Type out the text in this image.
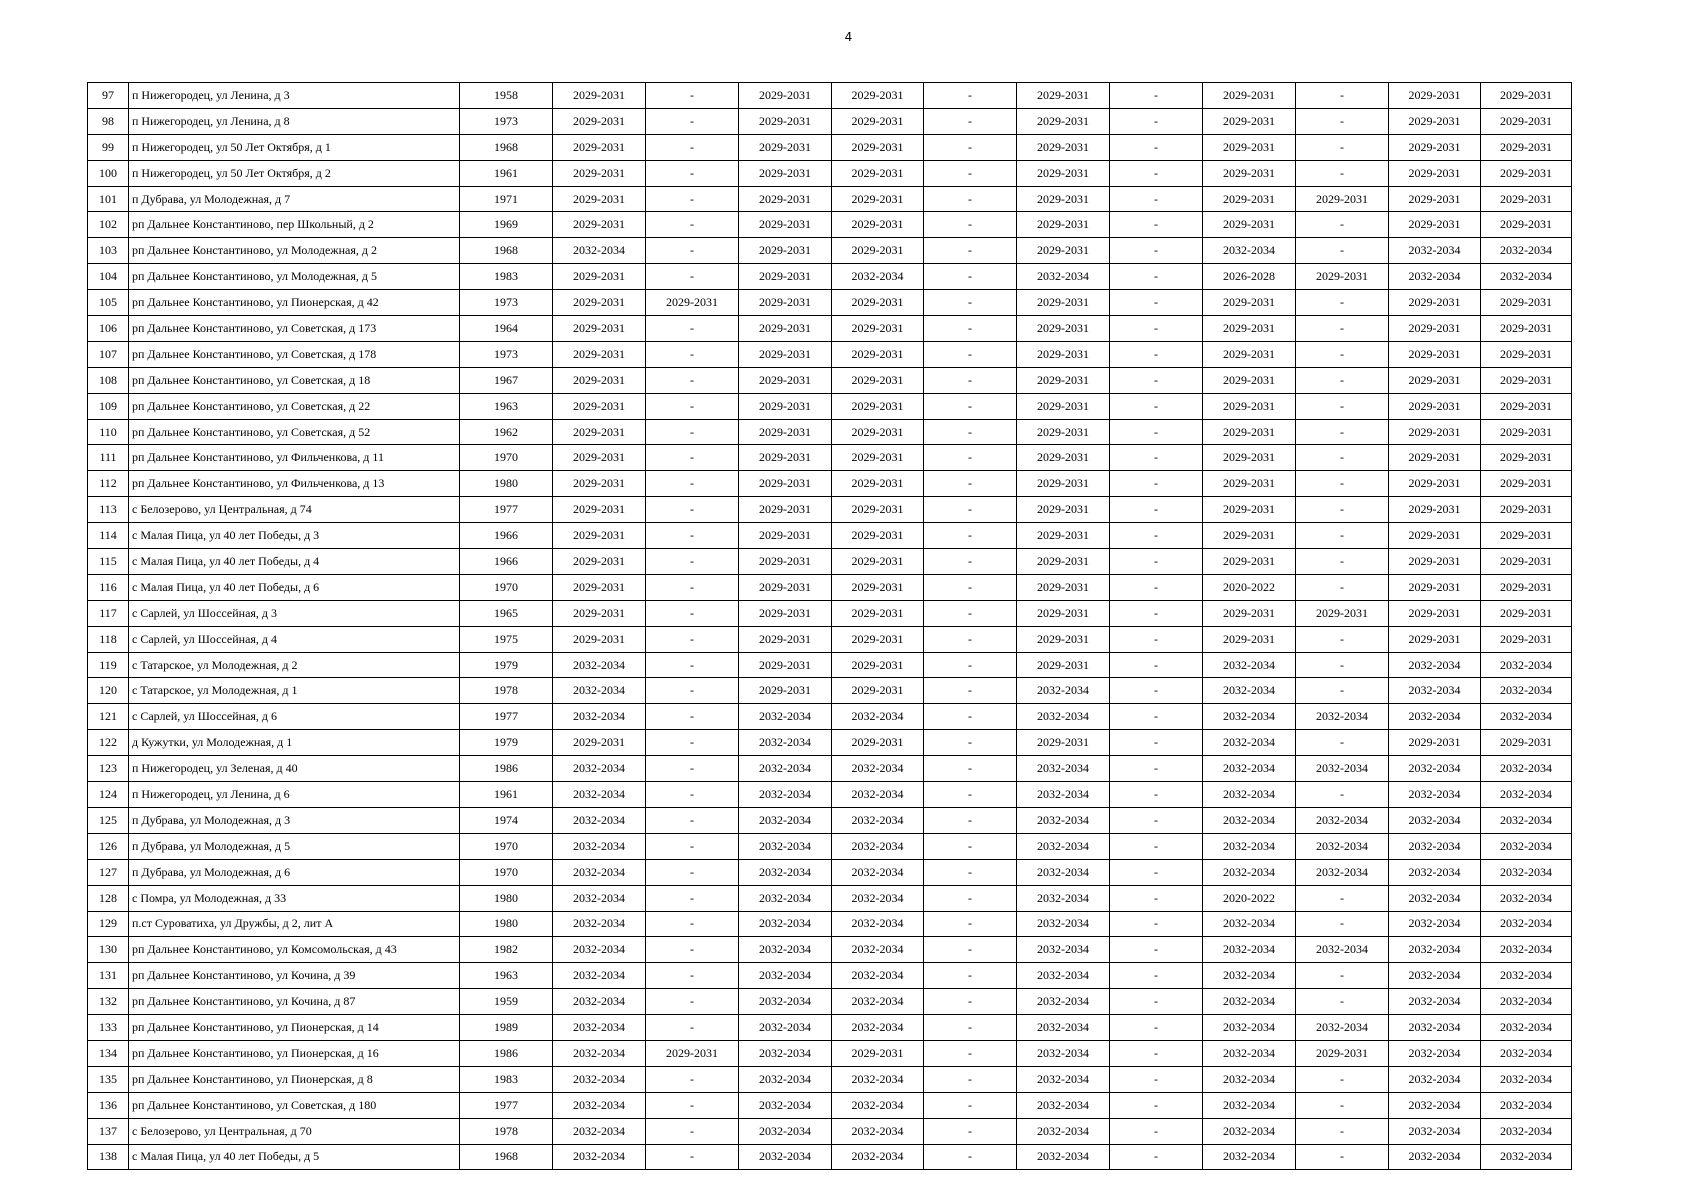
4
97	п Нижегородец, ул Ленина, д 3	1958	2029-2031	-	2029-2031	2029-2031	-	2029-2031	-	2029-2031	-	2029-2031	2029-2031
98	п Нижегородец, ул Ленина, д 8	1973	2029-2031	-	2029-2031	2029-2031	-	2029-2031	-	2029-2031	-	2029-2031	2029-2031
99	п Нижегородец, ул 50 Лет Октября, д 1	1968	2029-2031	-	2029-2031	2029-2031	-	2029-2031	-	2029-2031	-	2029-2031	2029-2031
100	п Нижегородец, ул 50 Лет Октября, д 2	1961	2029-2031	-	2029-2031	2029-2031	-	2029-2031	-	2029-2031	-	2029-2031	2029-2031
101	п Дубрава, ул Молодежная, д 7	1971	2029-2031	-	2029-2031	2029-2031	-	2029-2031	-	2029-2031	2029-2031	2029-2031	2029-2031
102	рп Дальнее Константиново, пер Школьный, д 2	1969	2029-2031	-	2029-2031	2029-2031	-	2029-2031	-	2029-2031	-	2029-2031	2029-2031
103	рп Дальнее Константиново, ул Молодежная, д 2	1968	2032-2034	-	2029-2031	2029-2031	-	2029-2031	-	2032-2034	-	2032-2034	2032-2034
104	рп Дальнее Константиново, ул Молодежная, д 5	1983	2029-2031	-	2029-2031	2032-2034	-	2032-2034	-	2026-2028	2029-2031	2032-2034	2032-2034
105	рп Дальнее Константиново, ул Пионерская, д 42	1973	2029-2031	2029-2031	2029-2031	2029-2031	-	2029-2031	-	2029-2031	-	2029-2031	2029-2031
106	рп Дальнее Константиново, ул Советская, д 173	1964	2029-2031	-	2029-2031	2029-2031	-	2029-2031	-	2029-2031	-	2029-2031	2029-2031
107	рп Дальнее Константиново, ул Советская, д 178	1973	2029-2031	-	2029-2031	2029-2031	-	2029-2031	-	2029-2031	-	2029-2031	2029-2031
108	рп Дальнее Константиново, ул Советская, д 18	1967	2029-2031	-	2029-2031	2029-2031	-	2029-2031	-	2029-2031	-	2029-2031	2029-2031
109	рп Дальнее Константиново, ул Советская, д 22	1963	2029-2031	-	2029-2031	2029-2031	-	2029-2031	-	2029-2031	-	2029-2031	2029-2031
110	рп Дальнее Константиново, ул Советская, д 52	1962	2029-2031	-	2029-2031	2029-2031	-	2029-2031	-	2029-2031	-	2029-2031	2029-2031
111	рп Дальнее Константиново, ул Фильченкова, д 11	1970	2029-2031	-	2029-2031	2029-2031	-	2029-2031	-	2029-2031	-	2029-2031	2029-2031
112	рп Дальнее Константиново, ул Фильченкова, д 13	1980	2029-2031	-	2029-2031	2029-2031	-	2029-2031	-	2029-2031	-	2029-2031	2029-2031
113	с Белозерово, ул Центральная, д 74	1977	2029-2031	-	2029-2031	2029-2031	-	2029-2031	-	2029-2031	-	2029-2031	2029-2031
114	с Малая Пица, ул 40 лет Победы, д 3	1966	2029-2031	-	2029-2031	2029-2031	-	2029-2031	-	2029-2031	-	2029-2031	2029-2031
115	с Малая Пица, ул 40 лет Победы, д 4	1966	2029-2031	-	2029-2031	2029-2031	-	2029-2031	-	2029-2031	-	2029-2031	2029-2031
116	с Малая Пица, ул 40 лет Победы, д 6	1970	2029-2031	-	2029-2031	2029-2031	-	2029-2031	-	2020-2022	-	2029-2031	2029-2031
117	с Сарлей, ул Шоссейная, д 3	1965	2029-2031	-	2029-2031	2029-2031	-	2029-2031	-	2029-2031	2029-2031	2029-2031	2029-2031
118	с Сарлей, ул Шоссейная, д 4	1975	2029-2031	-	2029-2031	2029-2031	-	2029-2031	-	2029-2031	-	2029-2031	2029-2031
119	с Татарское, ул Молодежная, д 2	1979	2032-2034	-	2029-2031	2029-2031	-	2029-2031	-	2032-2034	-	2032-2034	2032-2034
120	с Татарское, ул Молодежная, д 1	1978	2032-2034	-	2029-2031	2029-2031	-	2032-2034	-	2032-2034	-	2032-2034	2032-2034
121	с Сарлей, ул Шоссейная, д 6	1977	2032-2034	-	2032-2034	2032-2034	-	2032-2034	-	2032-2034	2032-2034	2032-2034	2032-2034
122	д Кужутки, ул Молодежная, д 1	1979	2029-2031	-	2032-2034	2029-2031	-	2029-2031	-	2032-2034	-	2029-2031	2029-2031
123	п Нижегородец, ул Зеленая, д 40	1986	2032-2034	-	2032-2034	2032-2034	-	2032-2034	-	2032-2034	2032-2034	2032-2034	2032-2034
124	п Нижегородец, ул Ленина, д 6	1961	2032-2034	-	2032-2034	2032-2034	-	2032-2034	-	2032-2034	-	2032-2034	2032-2034
125	п Дубрава, ул Молодежная, д 3	1974	2032-2034	-	2032-2034	2032-2034	-	2032-2034	-	2032-2034	2032-2034	2032-2034	2032-2034
126	п Дубрава, ул Молодежная, д 5	1970	2032-2034	-	2032-2034	2032-2034	-	2032-2034	-	2032-2034	2032-2034	2032-2034	2032-2034
127	п Дубрава, ул Молодежная, д 6	1970	2032-2034	-	2032-2034	2032-2034	-	2032-2034	-	2032-2034	2032-2034	2032-2034	2032-2034
128	с Помра, ул Молодежная, д 33	1980	2032-2034	-	2032-2034	2032-2034	-	2032-2034	-	2020-2022	-	2032-2034	2032-2034
129	п.ст Суроватиха, ул Дружбы, д 2, лит А	1980	2032-2034	-	2032-2034	2032-2034	-	2032-2034	-	2032-2034	-	2032-2034	2032-2034
130	рп Дальнее Константиново, ул Комсомольская, д 43	1982	2032-2034	-	2032-2034	2032-2034	-	2032-2034	-	2032-2034	2032-2034	2032-2034	2032-2034
131	рп Дальнее Константиново, ул Кочина, д 39	1963	2032-2034	-	2032-2034	2032-2034	-	2032-2034	-	2032-2034	-	2032-2034	2032-2034
132	рп Дальнее Константиново, ул Кочина, д 87	1959	2032-2034	-	2032-2034	2032-2034	-	2032-2034	-	2032-2034	-	2032-2034	2032-2034
133	рп Дальнее Константиново, ул Пионерская, д 14	1989	2032-2034	-	2032-2034	2032-2034	-	2032-2034	-	2032-2034	2032-2034	2032-2034	2032-2034
134	рп Дальнее Константиново, ул Пионерская, д 16	1986	2032-2034	2029-2031	2032-2034	2029-2031	-	2032-2034	-	2032-2034	2029-2031	2032-2034	2032-2034
135	рп Дальнее Константиново, ул Пионерская, д 8	1983	2032-2034	-	2032-2034	2032-2034	-	2032-2034	-	2032-2034	-	2032-2034	2032-2034
136	рп Дальнее Константиново, ул Советская, д 180	1977	2032-2034	-	2032-2034	2032-2034	-	2032-2034	-	2032-2034	-	2032-2034	2032-2034
137	с Белозерово, ул Центральная, д 70	1978	2032-2034	-	2032-2034	2032-2034	-	2032-2034	-	2032-2034	-	2032-2034	2032-2034
138	с Малая Пица, ул 40 лет Победы, д 5	1968	2032-2034	-	2032-2034	2032-2034	-	2032-2034	-	2032-2034	-	2032-2034	2032-2034
